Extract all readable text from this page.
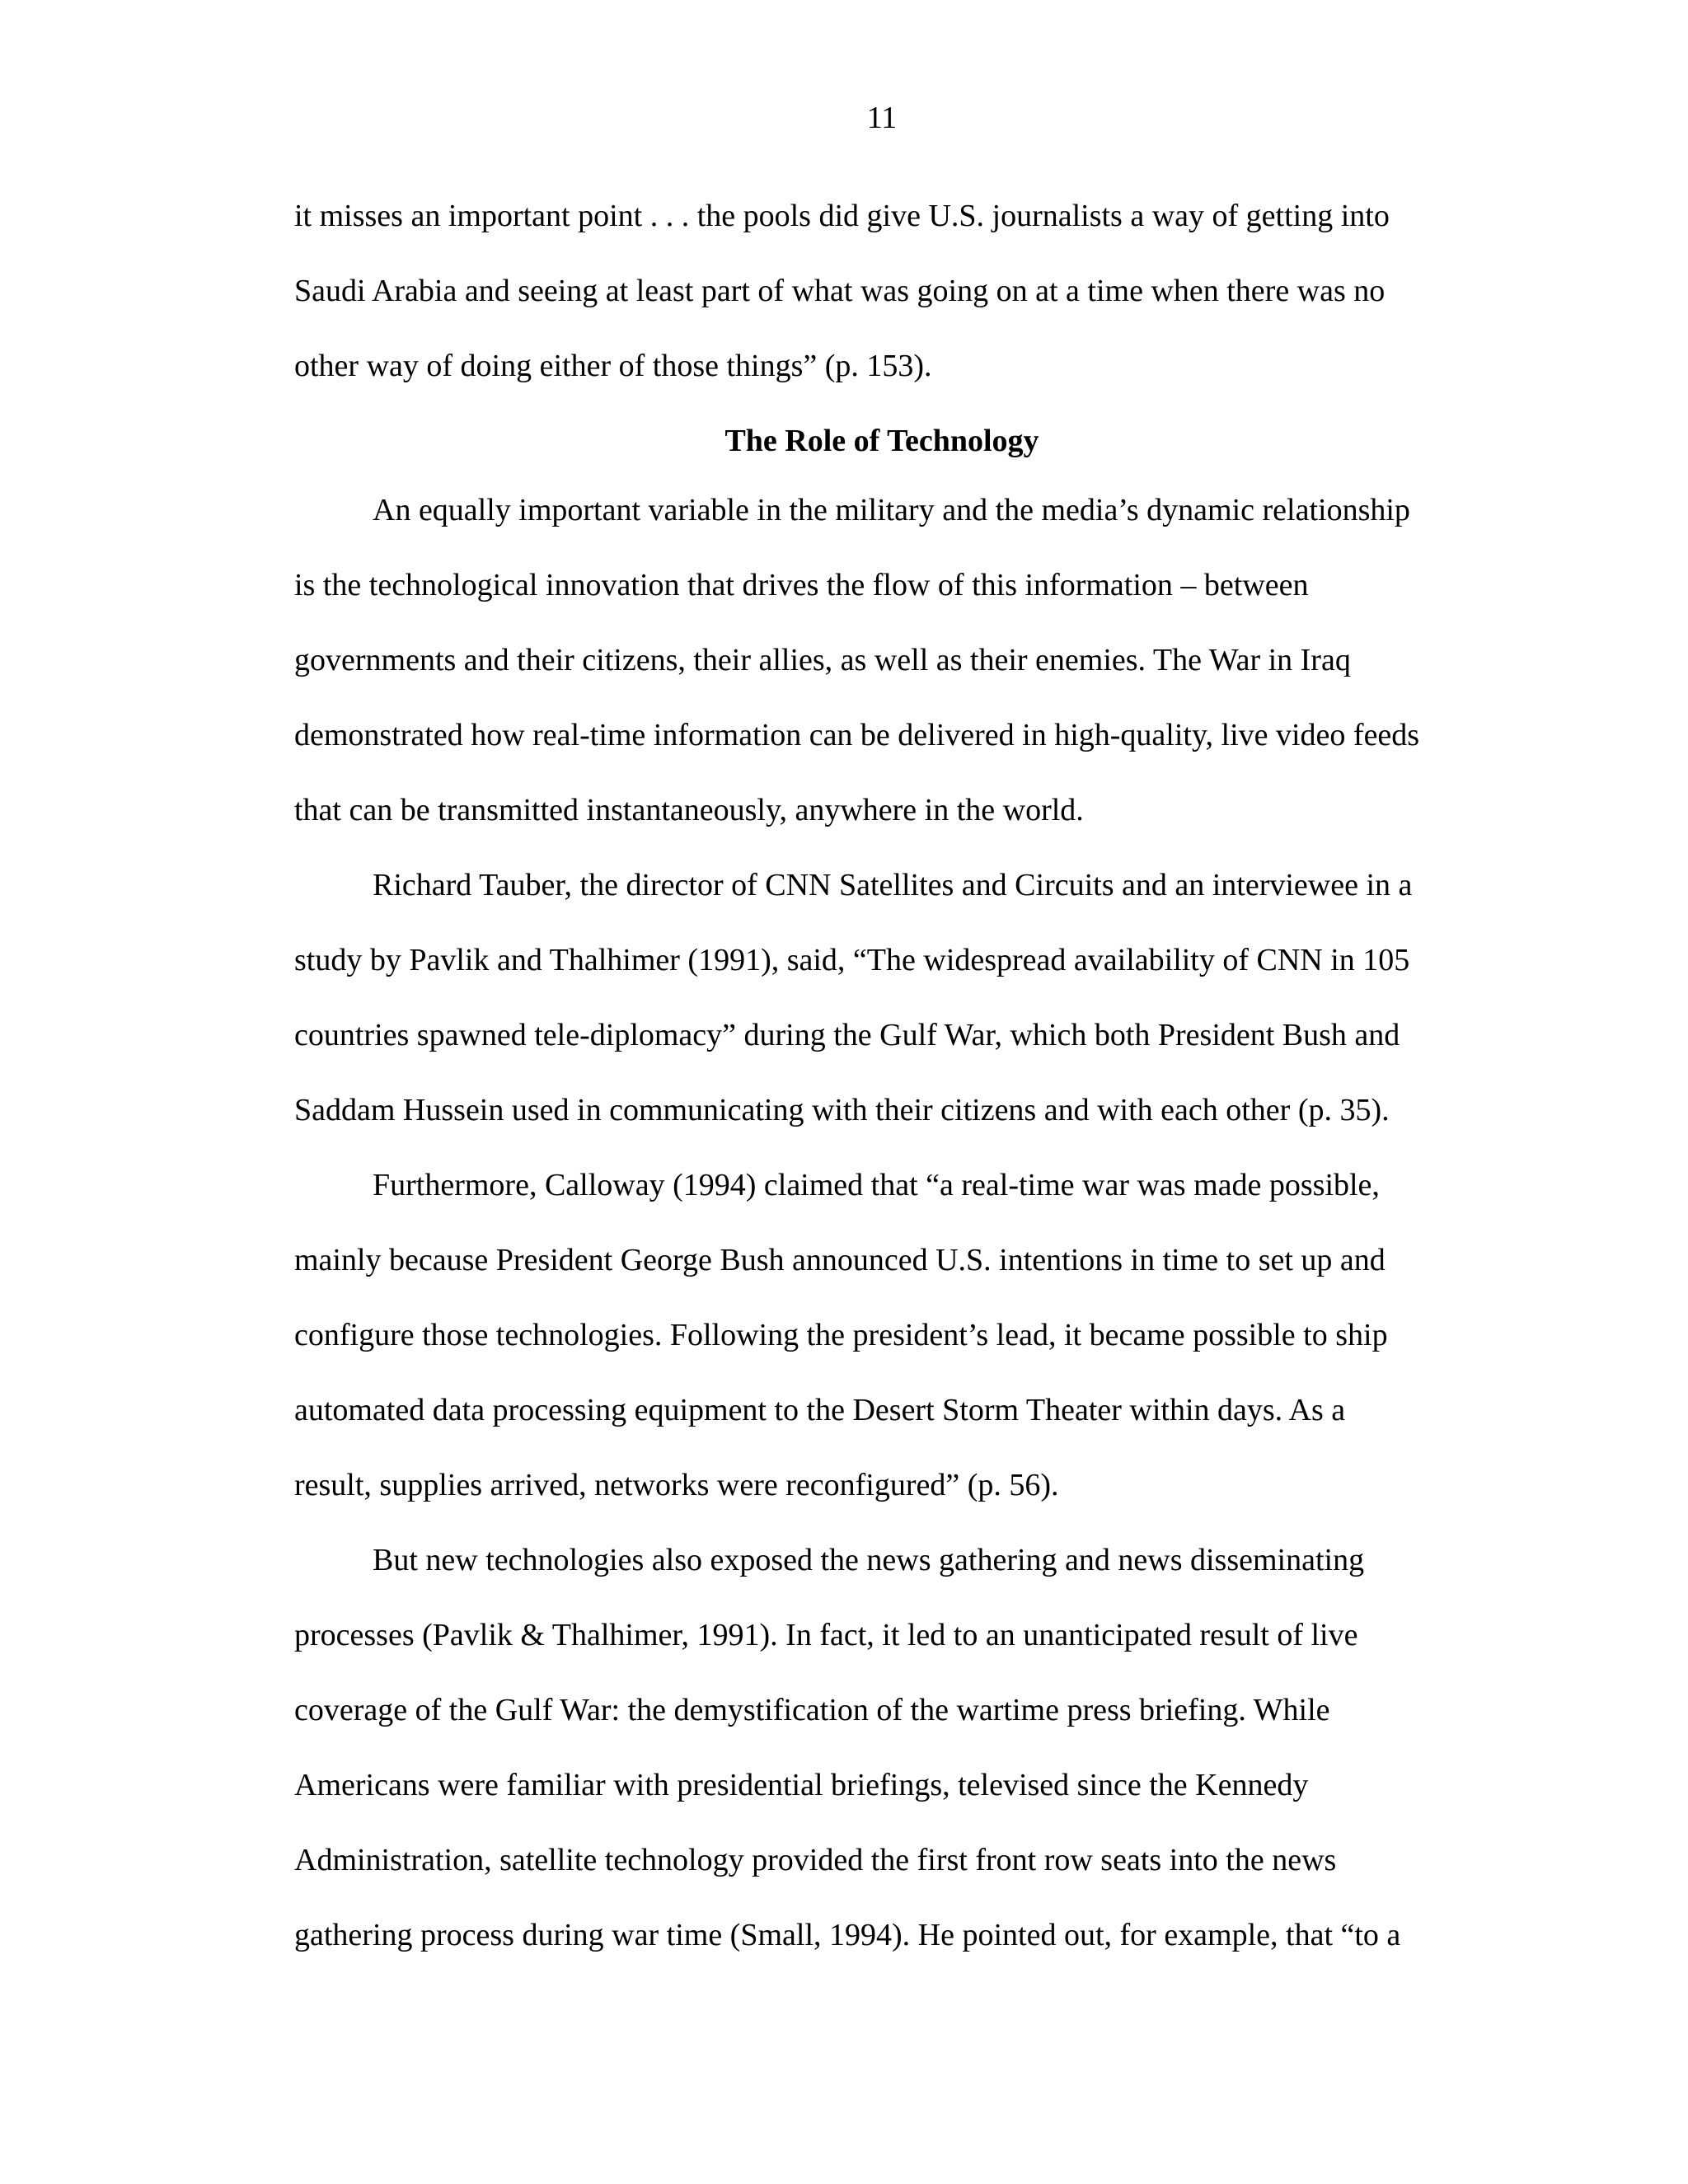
11
it misses an important point . . . the pools did give U.S. journalists a way of getting into
Saudi Arabia and seeing at least part of what was going on at a time when there was no
other way of doing either of those things” (p. 153).
The Role of Technology
An equally important variable in the military and the media’s dynamic relationship
is the technological innovation that drives the flow of this information – between
governments and their citizens, their allies, as well as their enemies. The War in Iraq
demonstrated how real-time information can be delivered in high-quality, live video feeds
that can be transmitted instantaneously, anywhere in the world.
Richard Tauber, the director of CNN Satellites and Circuits and an interviewee in a
study by Pavlik and Thalhimer (1991), said, “The widespread availability of CNN in 105
countries spawned tele-diplomacy” during the Gulf War, which both President Bush and
Saddam Hussein used in communicating with their citizens and with each other (p. 35).
Furthermore, Calloway (1994) claimed that “a real-time war was made possible,
mainly because President George Bush announced U.S. intentions in time to set up and
configure those technologies. Following the president’s lead, it became possible to ship
automated data processing equipment to the Desert Storm Theater within days. As a
result, supplies arrived, networks were reconfigured” (p. 56).
But new technologies also exposed the news gathering and news disseminating
processes (Pavlik & Thalhimer, 1991). In fact, it led to an unanticipated result of live
coverage of the Gulf War: the demystification of the wartime press briefing. While
Americans were familiar with presidential briefings, televised since the Kennedy
Administration, satellite technology provided the first front row seats into the news
gathering process during war time (Small, 1994). He pointed out, for example, that “to a
